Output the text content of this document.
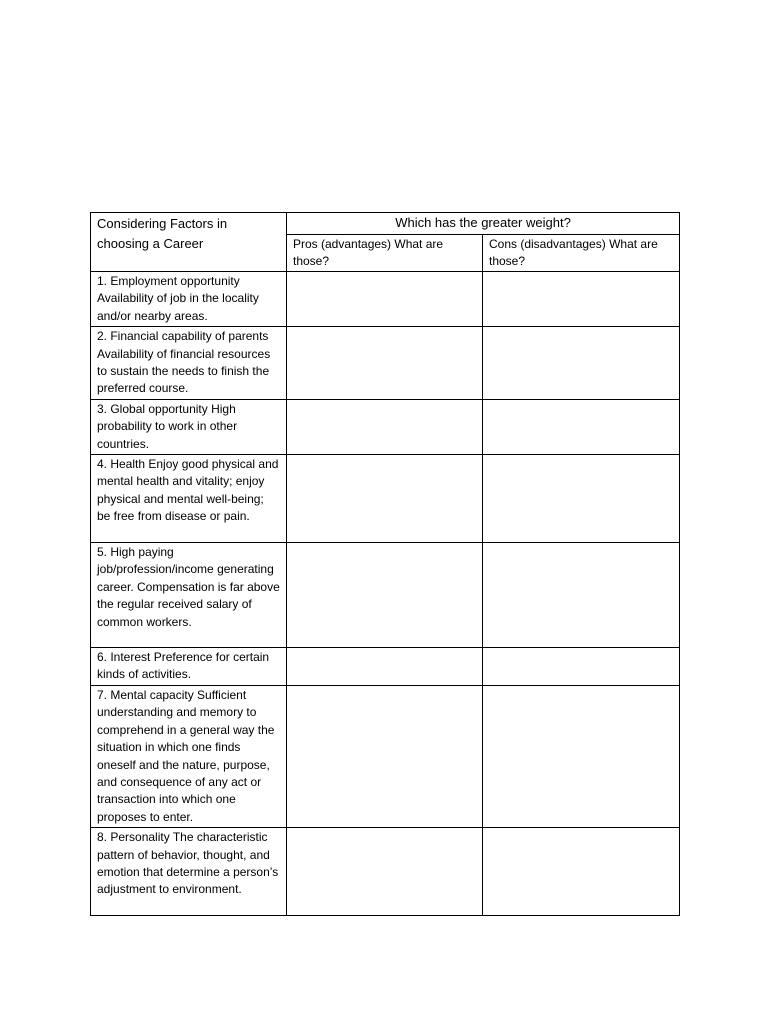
Considering Factors in choosing a Career	Which has the greater weight?	
	Pros (advantages) What are those?	Cons (disadvantages) What are those?
1. Employment opportunity Availability of job in the locality and/or nearby areas.		
2. Financial capability of parents Availability of financial resources to sustain the needs to finish the preferred course.		
3. Global opportunity High probability to work in other countries.		
4. Health Enjoy good physical and mental health and vitality; enjoy physical and mental well-being; be free from disease or pain.		
5. High paying job/profession/income generating career. Compensation is far above the regular received salary of common workers.		
6. Interest Preference for certain kinds of activities.		
7. Mental capacity Sufficient understanding and memory to comprehend in a general way the situation in which one finds oneself and the nature, purpose, and consequence of any act or transaction into which one proposes to enter.		
8. Personality The characteristic pattern of behavior, thought, and emotion that determine a person’s adjustment to environment.		
